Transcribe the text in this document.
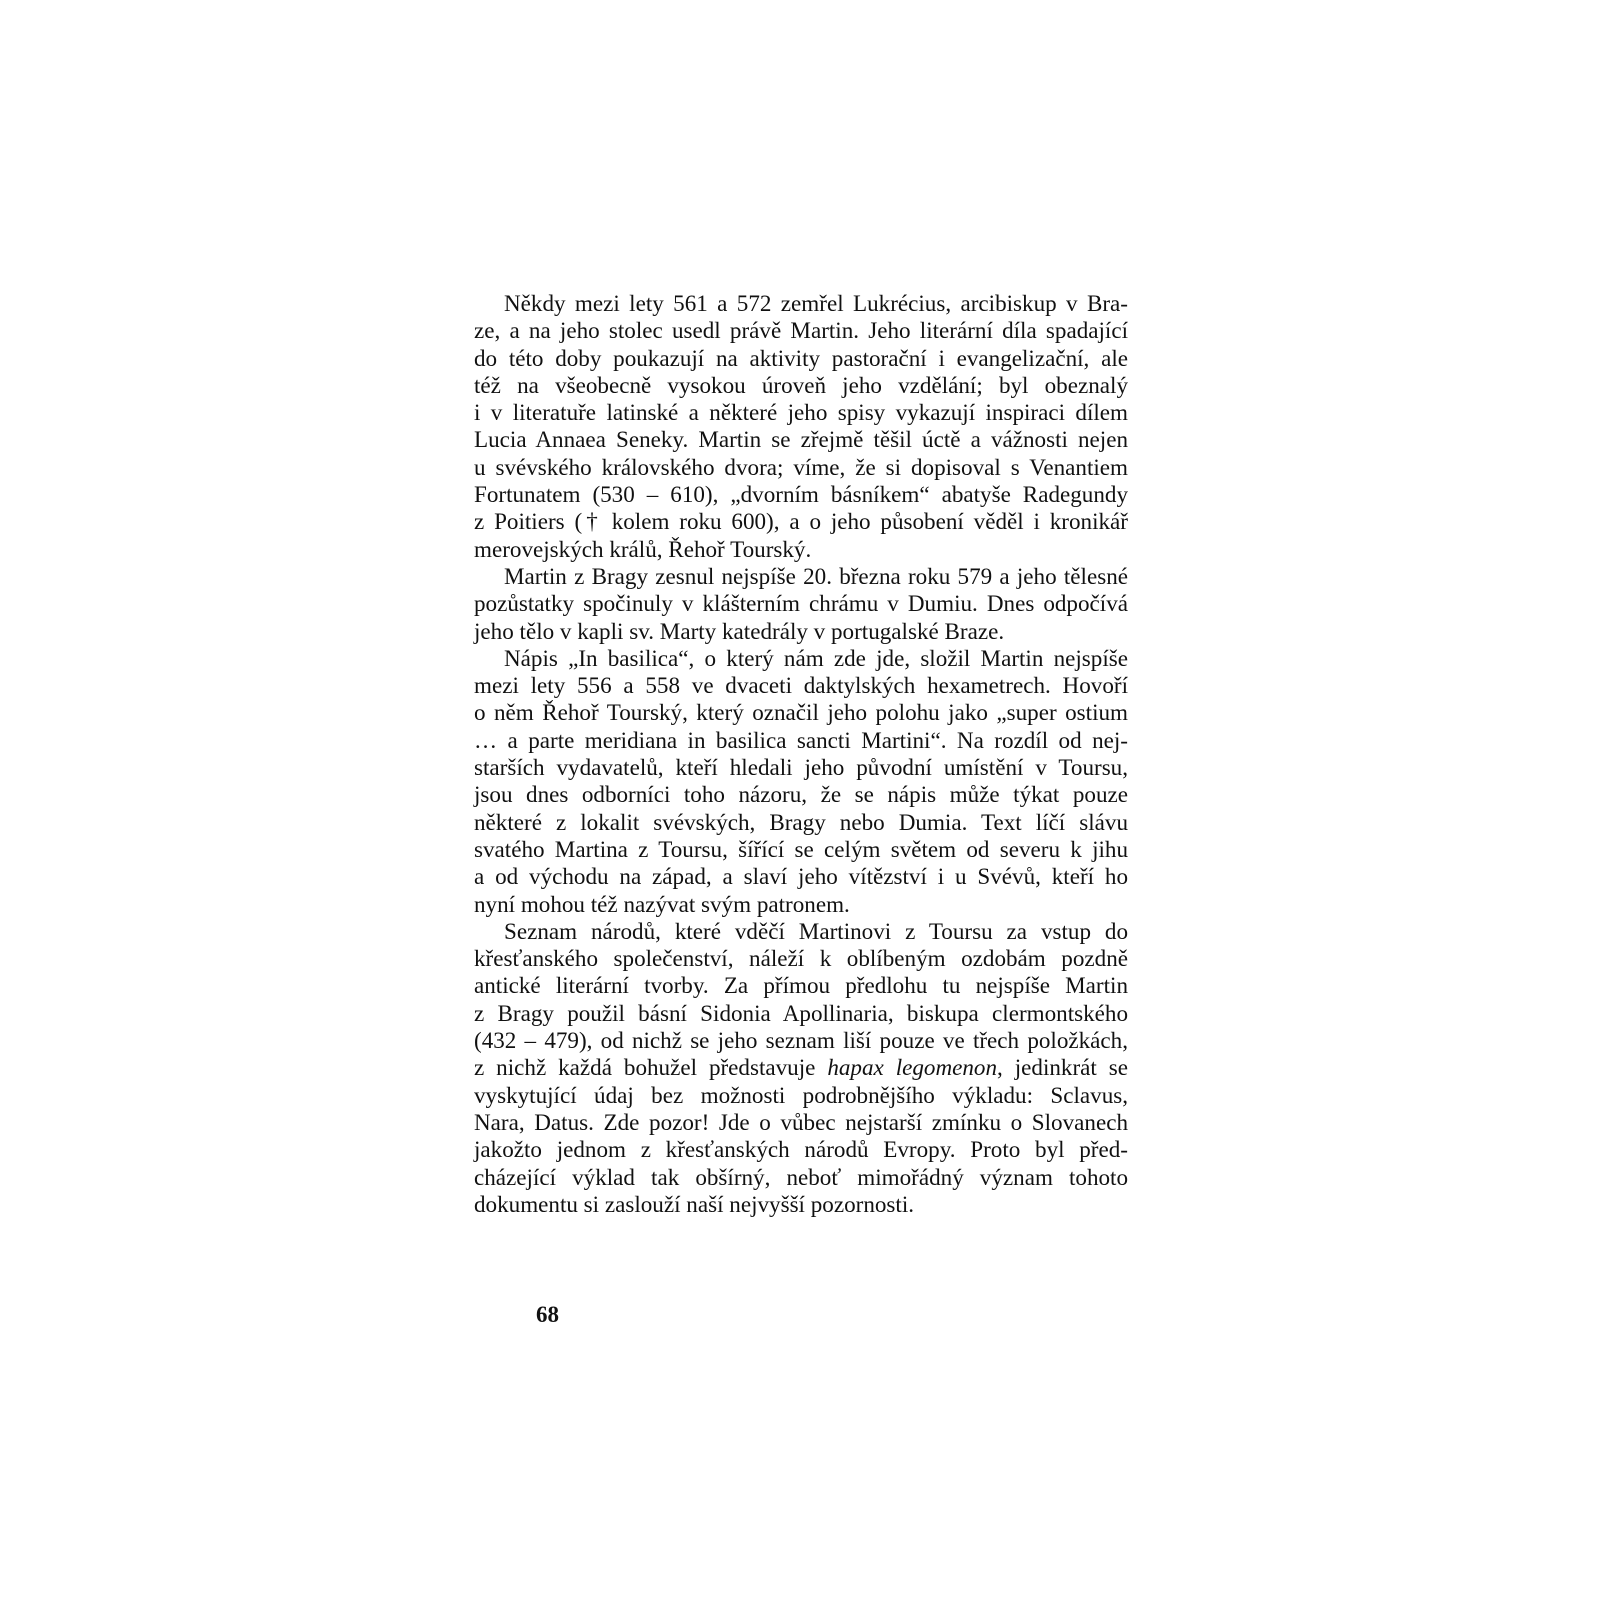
Někdy mezi lety 561 a 572 zemřel Lukrécius, arcibiskup v Bra-
ze, a na jeho stolec usedl právě Martin. Jeho literární díla spadající
do této doby poukazují na aktivity pastorační i evangelizační, ale
též na všeobecně vysokou úroveň jeho vzdělání; byl obeznalý
i v literatuře latinské a některé jeho spisy vykazují inspiraci dílem
Lucia Annaea Seneky. Martin se zřejmě těšil úctě a vážnosti nejen
u svévského královského dvora; víme, že si dopisoval s Venantiem
Fortunatem (530 – 610), „dvorním básníkem“ abatyše Radegundy
z Poitiers († kolem roku 600), a o jeho působení věděl i kronikář
merovejských králů, Řehoř Tourský.
Martin z Bragy zesnul nejspíše 20. března roku 579 a jeho tělesné
pozůstatky spočinuly v klášterním chrámu v Dumiu. Dnes odpočívá
jeho tělo v kapli sv. Marty katedrály v portugalské Braze.
Nápis „In basilica“, o který nám zde jde, složil Martin nejspíše
mezi lety 556 a 558 ve dvaceti daktylských hexametrech. Hovoří
o něm Řehoř Tourský, který označil jeho polohu jako „super ostium
… a parte meridiana in basilica sancti Martini“. Na rozdíl od nej-
starších vydavatelů, kteří hledali jeho původní umístění v Toursu,
jsou dnes odborníci toho názoru, že se nápis může týkat pouze
některé z lokalit svévských, Bragy nebo Dumia. Text líčí slávu
svatého Martina z Toursu, šířící se celým světem od severu k jihu
a od východu na západ, a slaví jeho vítězství i u Svévů, kteří ho
nyní mohou též nazývat svým patronem.
Seznam národů, které vděčí Martinovi z Toursu za vstup do
křesťanského společenství, náleží k oblíbeným ozdobám pozdně
antické literární tvorby. Za přímou předlohu tu nejspíše Martin
z Bragy použil básní Sidonia Apollinaria, biskupa clermontského
(432 – 479), od nichž se jeho seznam liší pouze ve třech položkách,
z nichž každá bohužel představuje hapax legomenon, jedinkrát se
vyskytující údaj bez možnosti podrobnějšího výkladu: Sclavus,
Nara, Datus. Zde pozor! Jde o vůbec nejstarší zmínku o Slovanech
jakožto jednom z křesťanských národů Evropy. Proto byl před-
cházející výklad tak obšírný, neboť mimořádný význam tohoto
dokumentu si zaslouží naší nejvyšší pozornosti.
68
